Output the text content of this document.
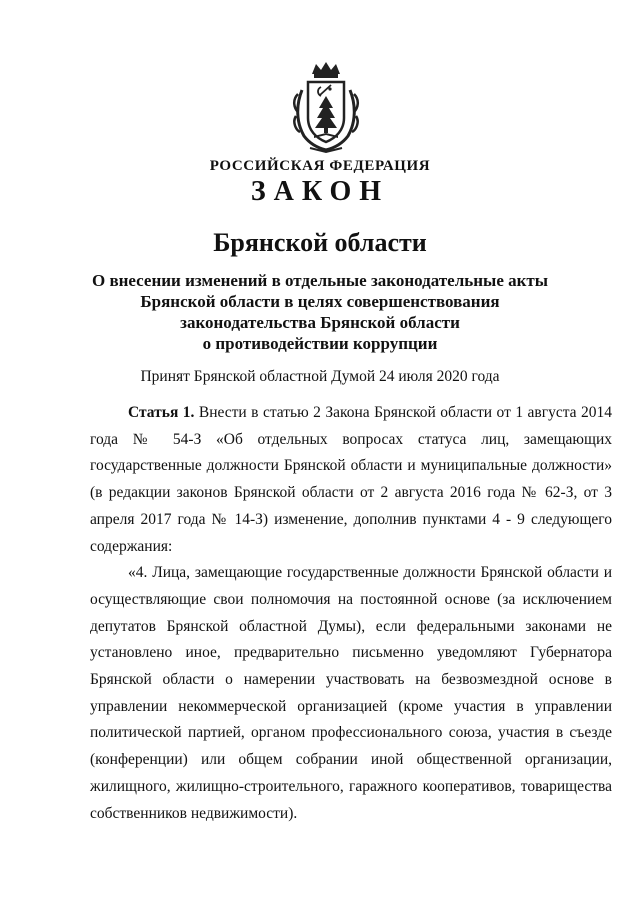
РОССИЙСКАЯ ФЕДЕРАЦИЯ
ЗАКОН
Брянской области
О внесении изменений в отдельные законодательные акты
Брянской области в целях совершенствования
законодательства Брянской области
о противодействии коррупции
Принят Брянской областной Думой 24 июля 2020 года

Статья 1. Внести в статью 2 Закона Брянской области от 1 августа 2014 года № 54-З «Об отдельных вопросах статуса лиц, замещающих государственные должности Брянской области и муниципальные должности» (в редакции законов Брянской области от 2 августа 2016 года № 62-З, от 3 апреля 2017 года № 14-З) изменение, дополнив пунктами 4 - 9 следующего содержания:

«4. Лица, замещающие государственные должности Брянской области и осуществляющие свои полномочия на постоянной основе (за исключением депутатов Брянской областной Думы), если федеральными законами не установлено иное, предварительно письменно уведомляют Губернатора Брянской области о намерении участвовать на безвозмездной основе в управлении некоммерческой организацией (кроме участия в управлении политической партией, органом профессионального союза, участия в съезде (конференции) или общем собрании иной общественной организации, жилищного, жилищно-строительного, гаражного кооперативов, товарищества собственников недвижимости).
